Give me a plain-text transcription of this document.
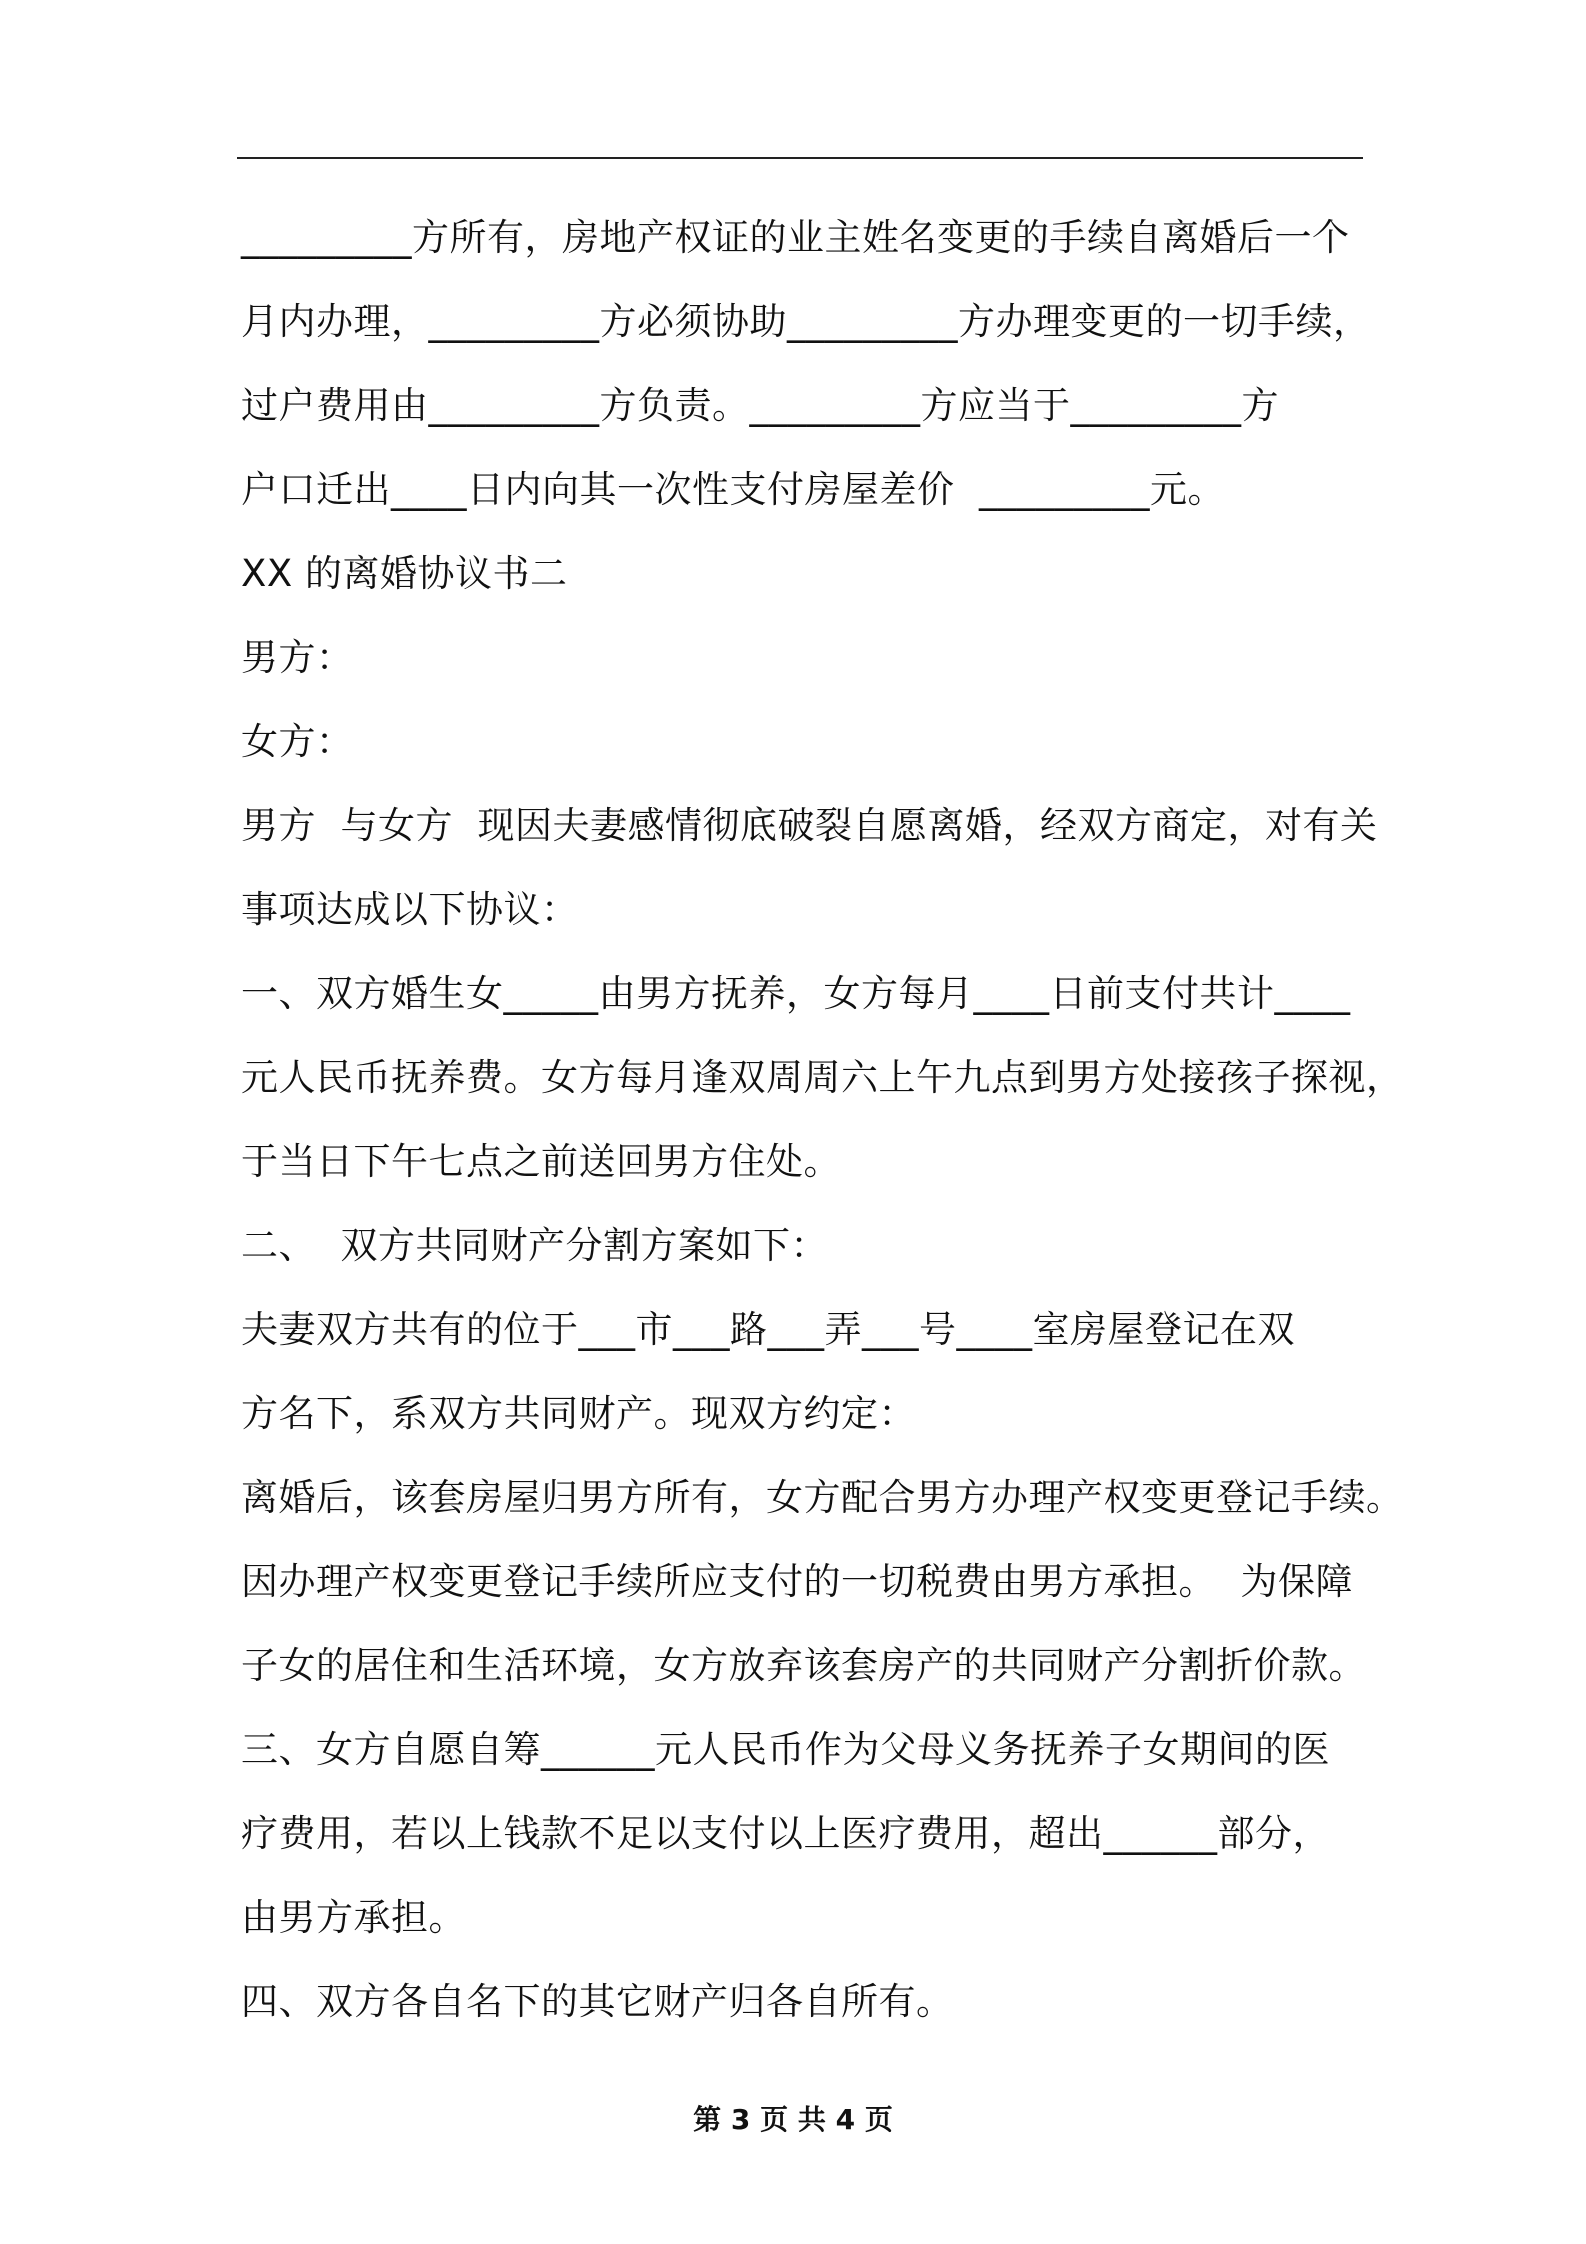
_________方所有，房地产权证的业主姓名变更的手续自离婚后一个
月内办理，_________方必须协助_________方办理变更的一切手续，
过户费用由_________方负责。_________方应当于_________方
户口迁出____日内向其一次性支付房屋差价  _________元。
XX 的离婚协议书二
男方：
女方：
男方  与女方  现因夫妻感情彻底破裂自愿离婚，经双方商定，对有关
事项达成以下协议：
一、双方婚生女_____由男方抚养，女方每月____日前支付共计____
元人民币抚养费。女方每月逢双周周六上午九点到男方处接孩子探视，
于当日下午七点之前送回男方住处。
二、  双方共同财产分割方案如下：
夫妻双方共有的位于___市___路___弄___号____室房屋登记在双
方名下，系双方共同财产。现双方约定：
离婚后，该套房屋归男方所有，女方配合男方办理产权变更登记手续。
因办理产权变更登记手续所应支付的一切税费由男方承担。  为保障
子女的居住和生活环境，女方放弃该套房产的共同财产分割折价款。
三、女方自愿自筹______元人民币作为父母义务抚养子女期间的医
疗费用，若以上钱款不足以支付以上医疗费用，超出______部分，
由男方承担。
四、双方各自名下的其它财产归各自所有。
第 3 页 共 4 页
